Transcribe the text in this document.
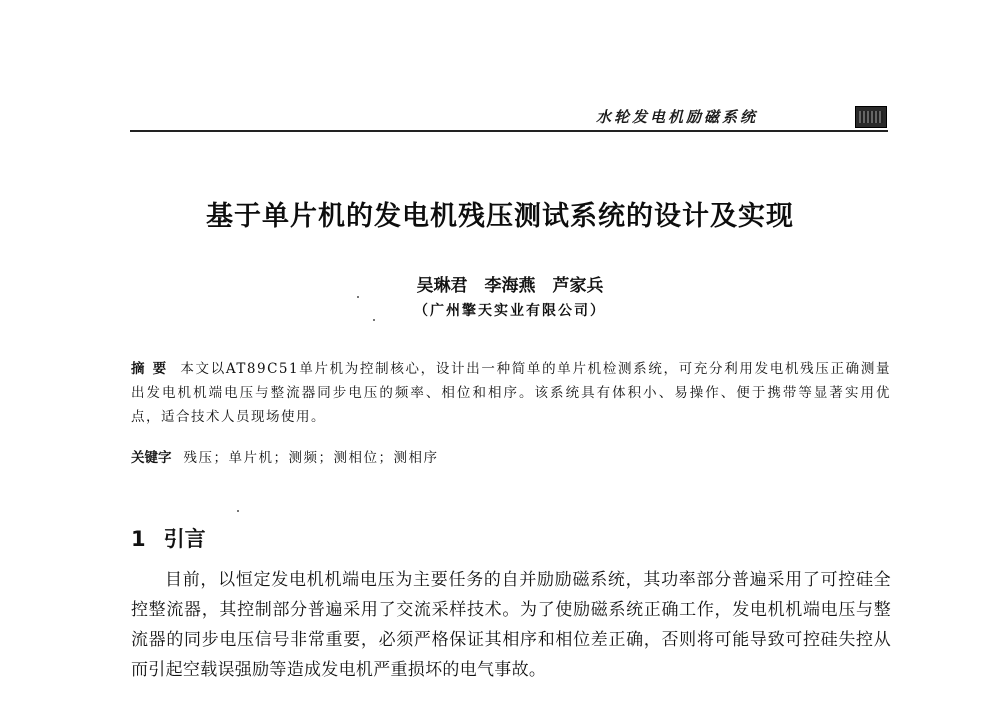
水轮发电机励磁系统
基于单片机的发电机残压测试系统的设计及实现
吴琳君　李海燕　芦家兵
（广州擎天实业有限公司）
摘要 本文以AT89C51单片机为控制核心，设计出一种简单的单片机检测系统，可充分利用发电机残压正确测量出发电机机端电压与整流器同步电压的频率、相位和相序。该系统具有体积小、易操作、便于携带等显著实用优点，适合技术人员现场使用。
关键字 残压；单片机；测频；测相位；测相序
1 引言
目前，以恒定发电机机端电压为主要任务的自并励励磁系统，其功率部分普遍采用了可控硅全控整流器，其控制部分普遍采用了交流采样技术。为了使励磁系统正确工作，发电机机端电压与整流器的同步电压信号非常重要，必须严格保证其相序和相位差正确，否则将可能导致可控硅失控从而引起空载误强励等造成发电机严重损坏的电气事故。
